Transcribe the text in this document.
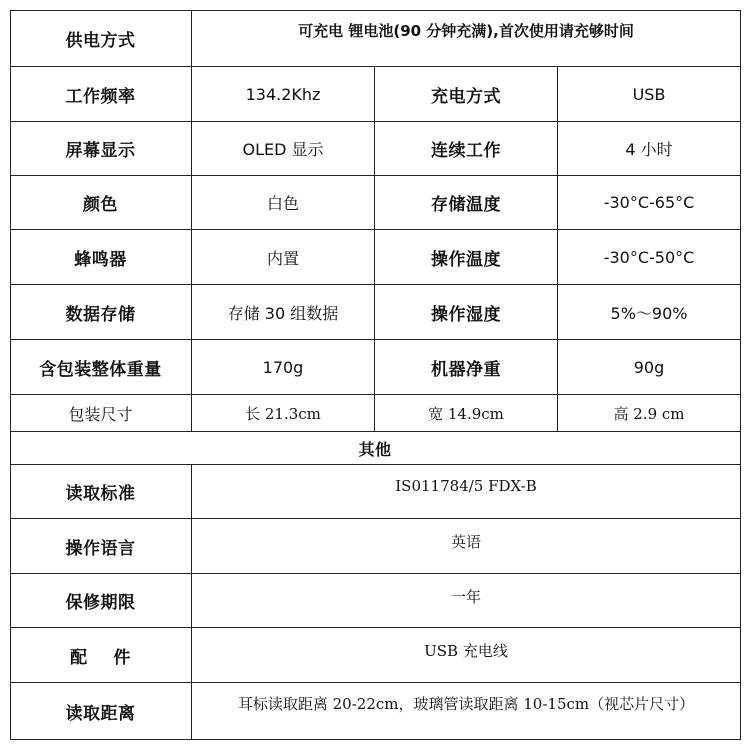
供电方式	可充电 锂电池(90 分钟充满),首次使用请充够时间
工作频率	134.2Khz	充电方式	USB
屏幕显示	OLED 显示	连续工作	4 小时
颜色	白色	存储温度	-30°C-65°C
蜂鸣器	内置	操作温度	-30°C-50°C
数据存储	存储 30 组数据	操作湿度	5%～90%
含包装整体重量	170g	机器净重	90g
包装尺寸	长 21.3cm	宽 14.9cm	高 2.9 cm
其他
读取标准	IS011784/5 FDX-B
操作语言	英语
保修期限	一年
配    件	USB 充电线
读取距离	耳标读取距离 20-22cm，玻璃管读取距离 10-15cm（视芯片尺寸）
